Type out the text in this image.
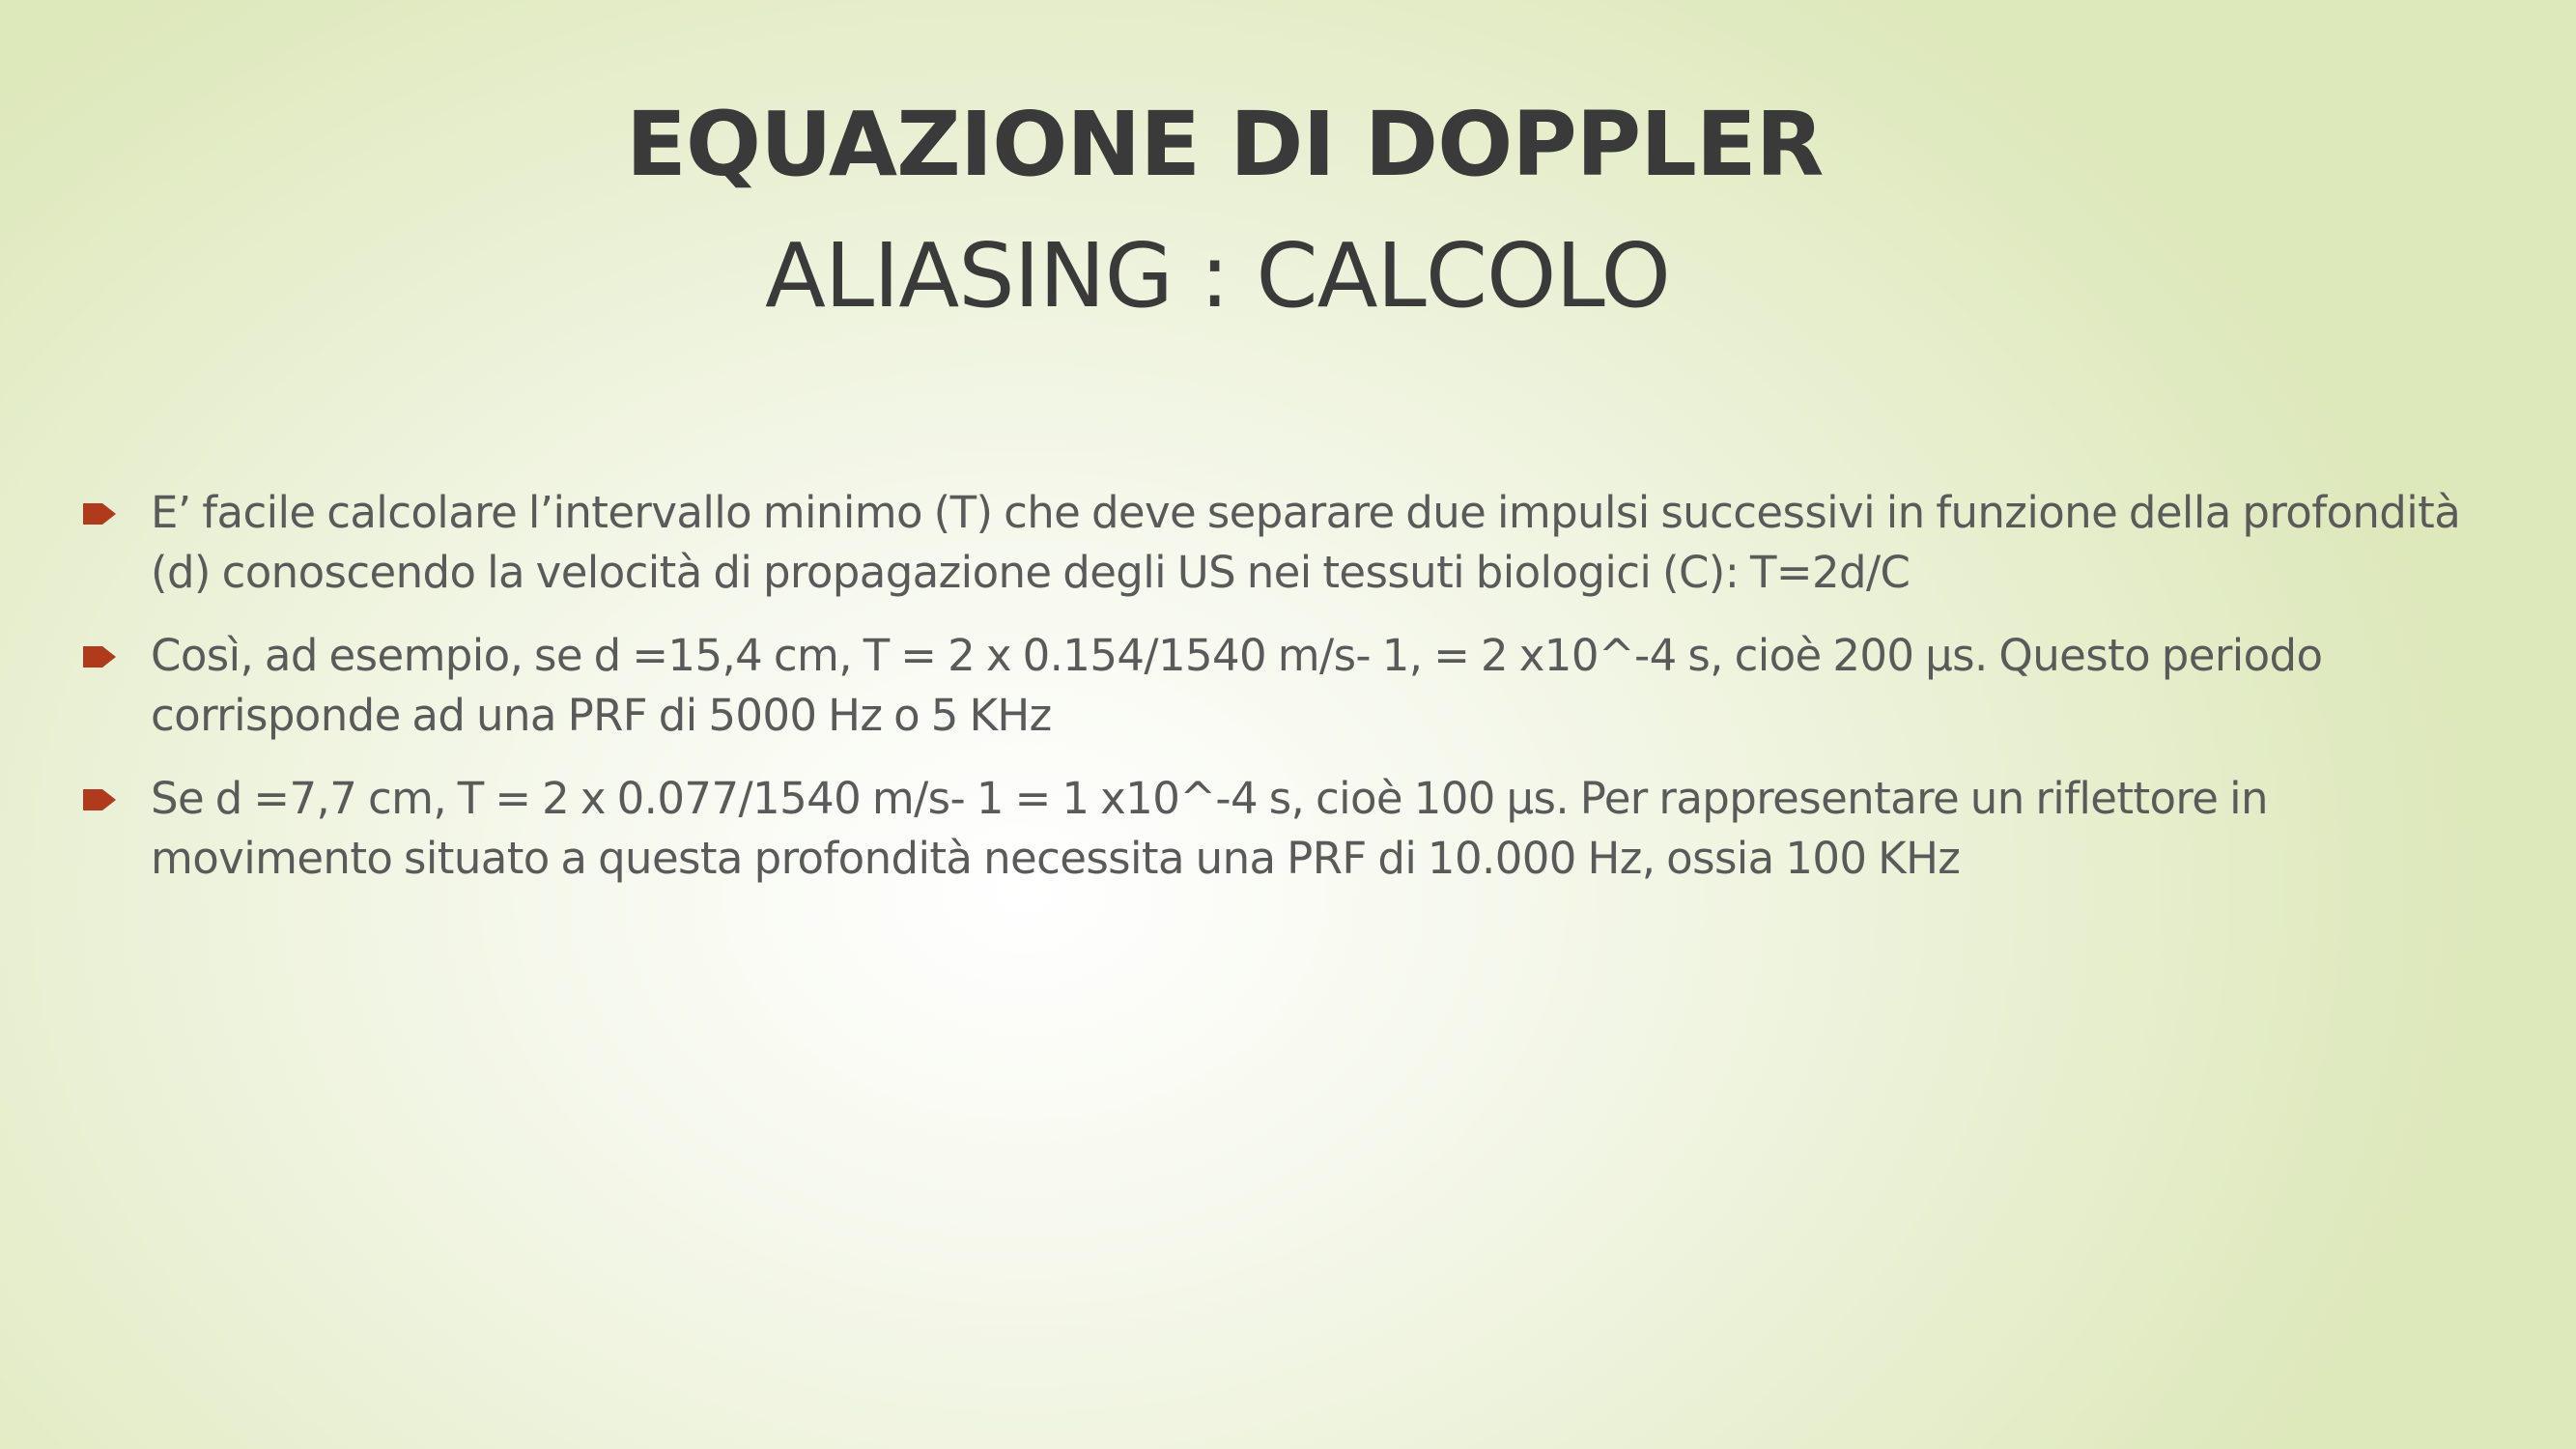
EQUAZIONE DI DOPPLER
ALIASING : CALCOLO
E’ facile calcolare l’intervallo minimo (T) che deve separare due impulsi successivi in funzione della profondità (d) conoscendo la velocità di propagazione degli US nei tessuti biologici (C): T=2d/C
Così, ad esempio, se d =15,4 cm, T = 2 x 0.154/1540 m/s- 1, = 2 x10^-4 s, cioè 200 µs. Questo periodo corrisponde ad una PRF di 5000 Hz o 5 KHz
Se d =7,7 cm, T = 2 x 0.077/1540 m/s- 1 = 1 x10^-4 s, cioè 100 µs. Per rappresentare un riflettore in movimento situato a questa profondità necessita una PRF di 10.000 Hz, ossia 100 KHz
